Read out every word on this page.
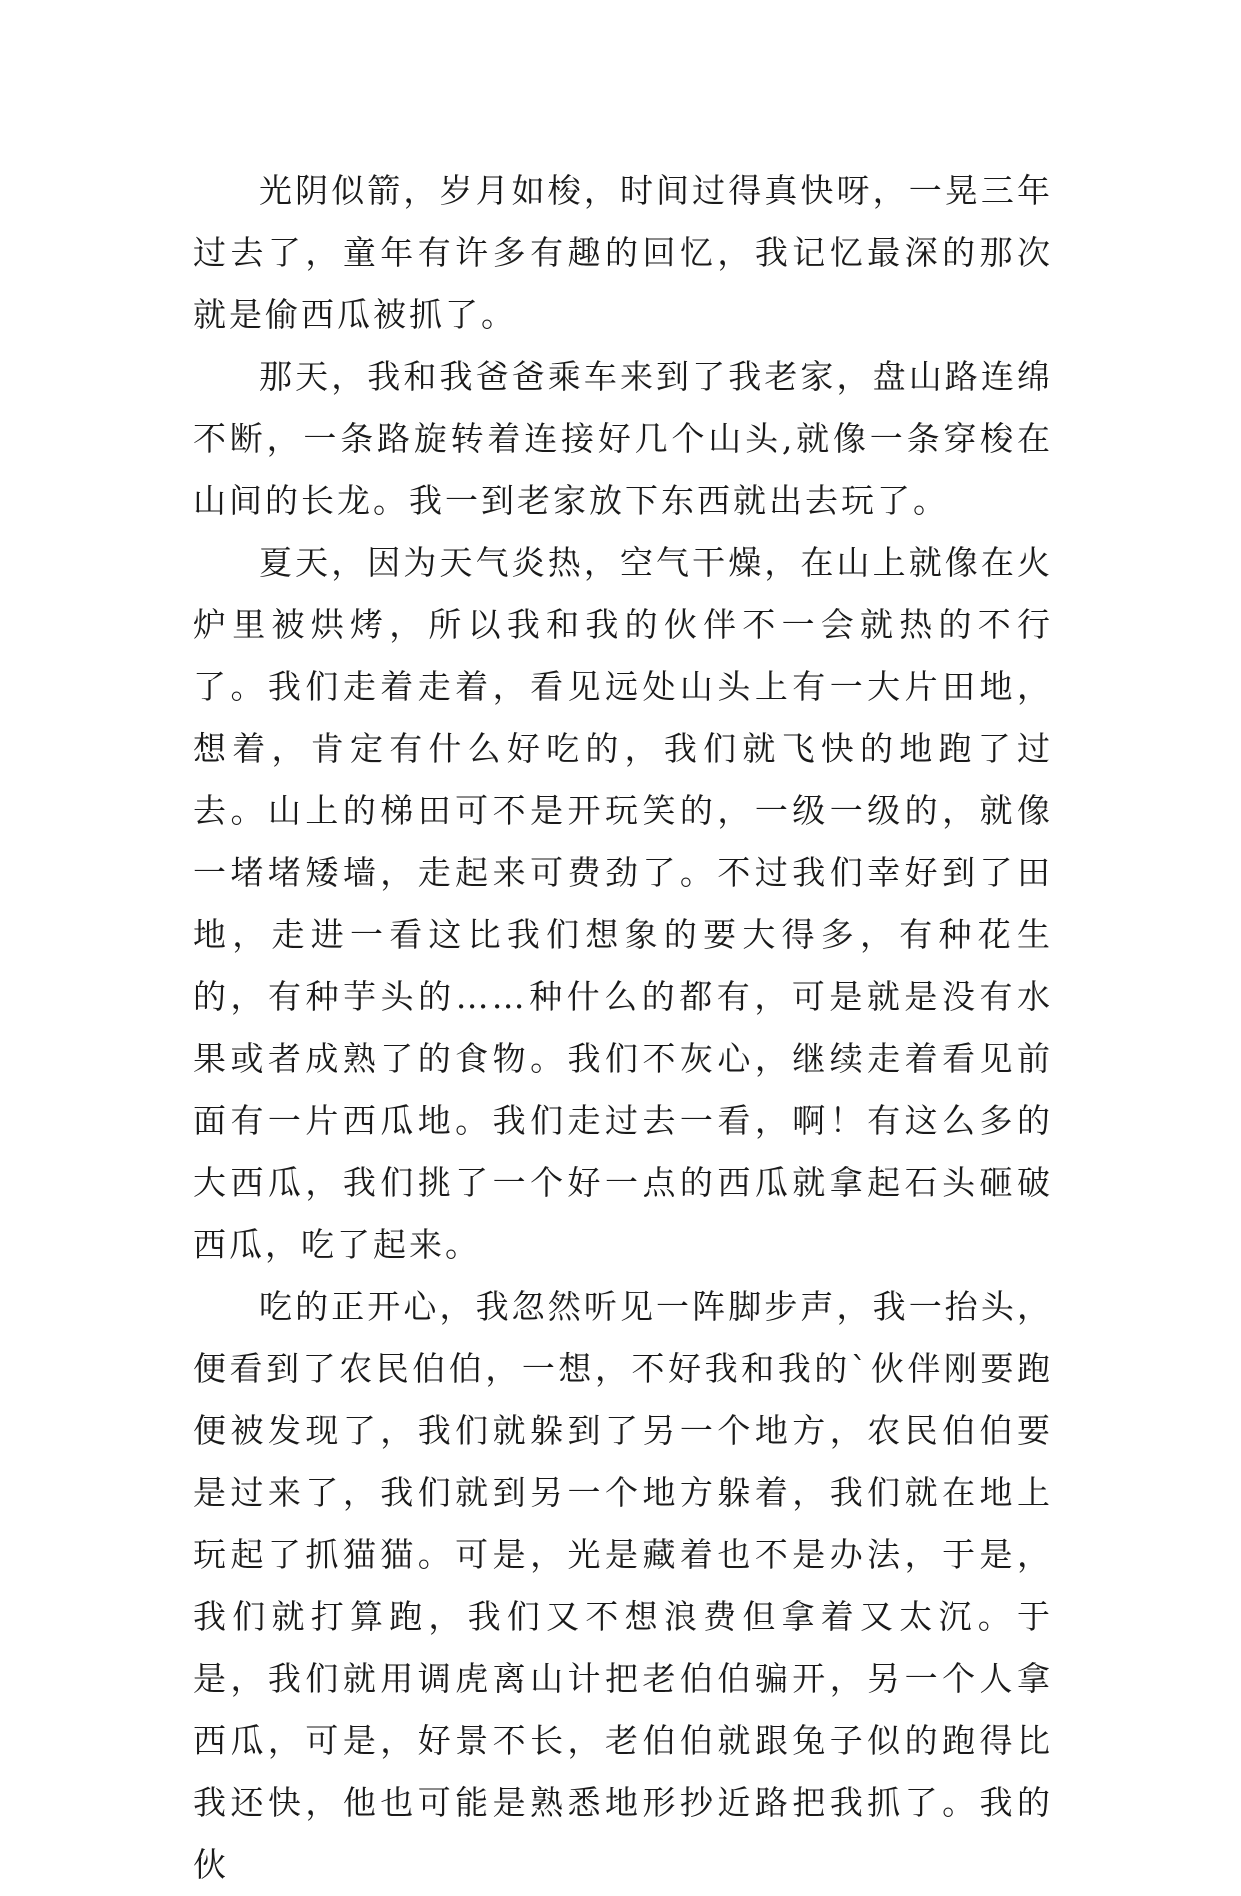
光阴似箭，岁月如梭，时间过得真快呀，一晃三年过去了，童年有许多有趣的回忆，我记忆最深的那次就是偷西瓜被抓了。

那天，我和我爸爸乘车来到了我老家，盘山路连绵不断，一条路旋转着连接好几个山头,就像一条穿梭在山间的长龙。我一到老家放下东西就出去玩了。

夏天，因为天气炎热，空气干燥，在山上就像在火炉里被烘烤，所以我和我的伙伴不一会就热的不行了。我们走着走着，看见远处山头上有一大片田地，想着，肯定有什么好吃的，我们就飞快的地跑了过去。山上的梯田可不是开玩笑的，一级一级的，就像一堵堵矮墙，走起来可费劲了。不过我们幸好到了田地，走进一看这比我们想象的要大得多，有种花生的，有种芋头的……种什么的都有，可是就是没有水果或者成熟了的食物。我们不灰心，继续走着看见前面有一片西瓜地。我们走过去一看，啊！有这么多的大西瓜，我们挑了一个好一点的西瓜就拿起石头砸破西瓜，吃了起来。

吃的正开心，我忽然听见一阵脚步声，我一抬头，便看到了农民伯伯，一想，不好我和我的`伙伴刚要跑便被发现了，我们就躲到了另一个地方，农民伯伯要是过来了，我们就到另一个地方躲着，我们就在地上玩起了抓猫猫。可是，光是藏着也不是办法，于是，我们就打算跑，我们又不想浪费但拿着又太沉。于是，我们就用调虎离山计把老伯伯骗开，另一个人拿西瓜，可是，好景不长，老伯伯就跟兔子似的跑得比我还快，他也可能是熟悉地形抄近路把我抓了。我的伙
